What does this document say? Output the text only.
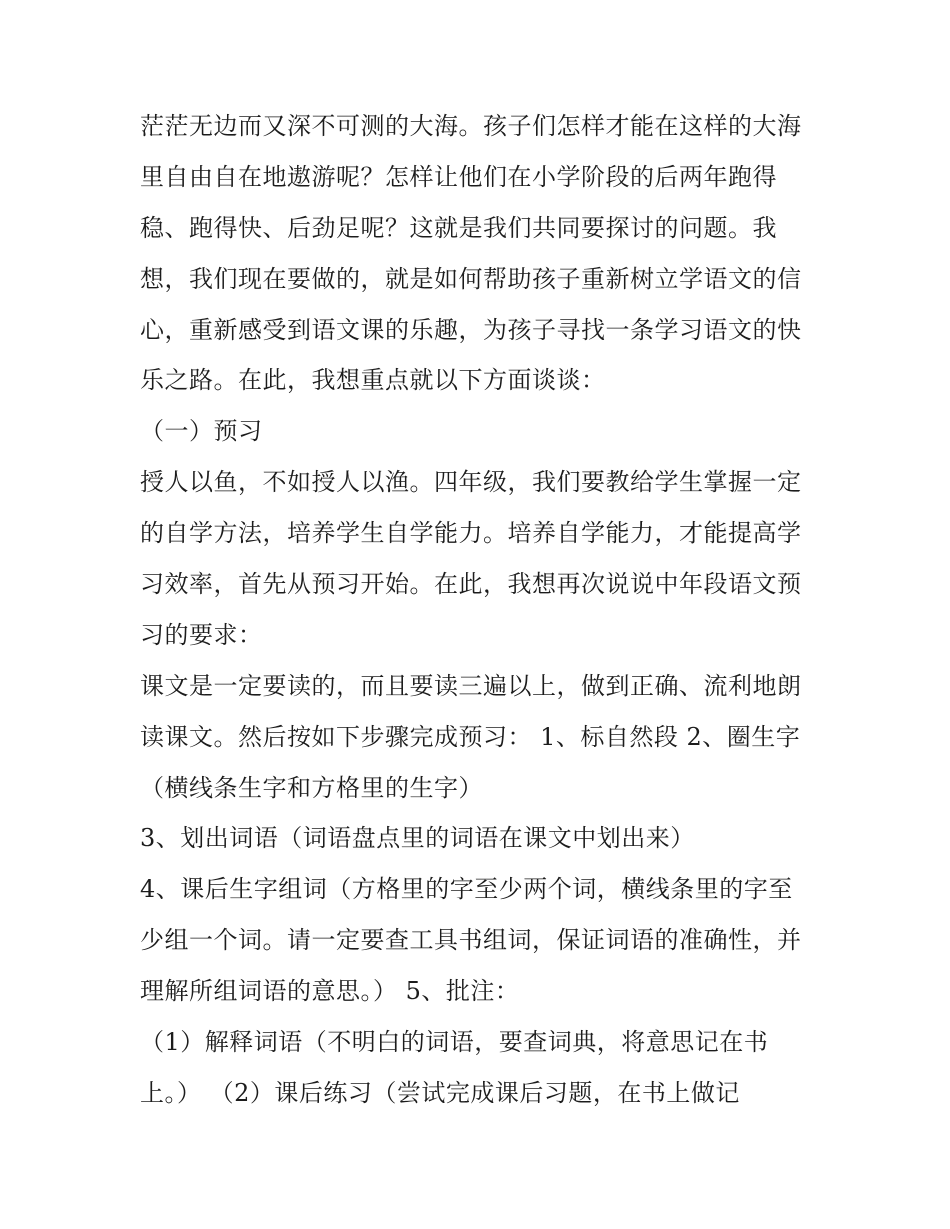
茫茫无边而又深不可测的大海。孩子们怎样才能在这样的大海
里自由自在地遨游呢？怎样让他们在小学阶段的后两年跑得
稳、跑得快、后劲足呢？这就是我们共同要探讨的问题。我
想，我们现在要做的，就是如何帮助孩子重新树立学语文的信
心，重新感受到语文课的乐趣，为孩子寻找一条学习语文的快
乐之路。在此，我想重点就以下方面谈谈：
（一）预习
授人以鱼，不如授人以渔。四年级，我们要教给学生掌握一定
的自学方法，培养学生自学能力。培养自学能力，才能提高学
习效率，首先从预习开始。在此，我想再次说说中年段语文预
习的要求：
课文是一定要读的，而且要读三遍以上，做到正确、流利地朗
读课文。然后按如下步骤完成预习： 1、标自然段 2、圈生字
（横线条生字和方格里的生字）
3、划出词语（词语盘点里的词语在课文中划出来）
4、课后生字组词（方格里的字至少两个词，横线条里的字至
少组一个词。请一定要查工具书组词，保证词语的准确性，并
理解所组词语的意思。） 5、批注：
（1）解释词语（不明白的词语，要查词典，将意思记在书
上。） （2）课后练习（尝试完成课后习题，在书上做记
